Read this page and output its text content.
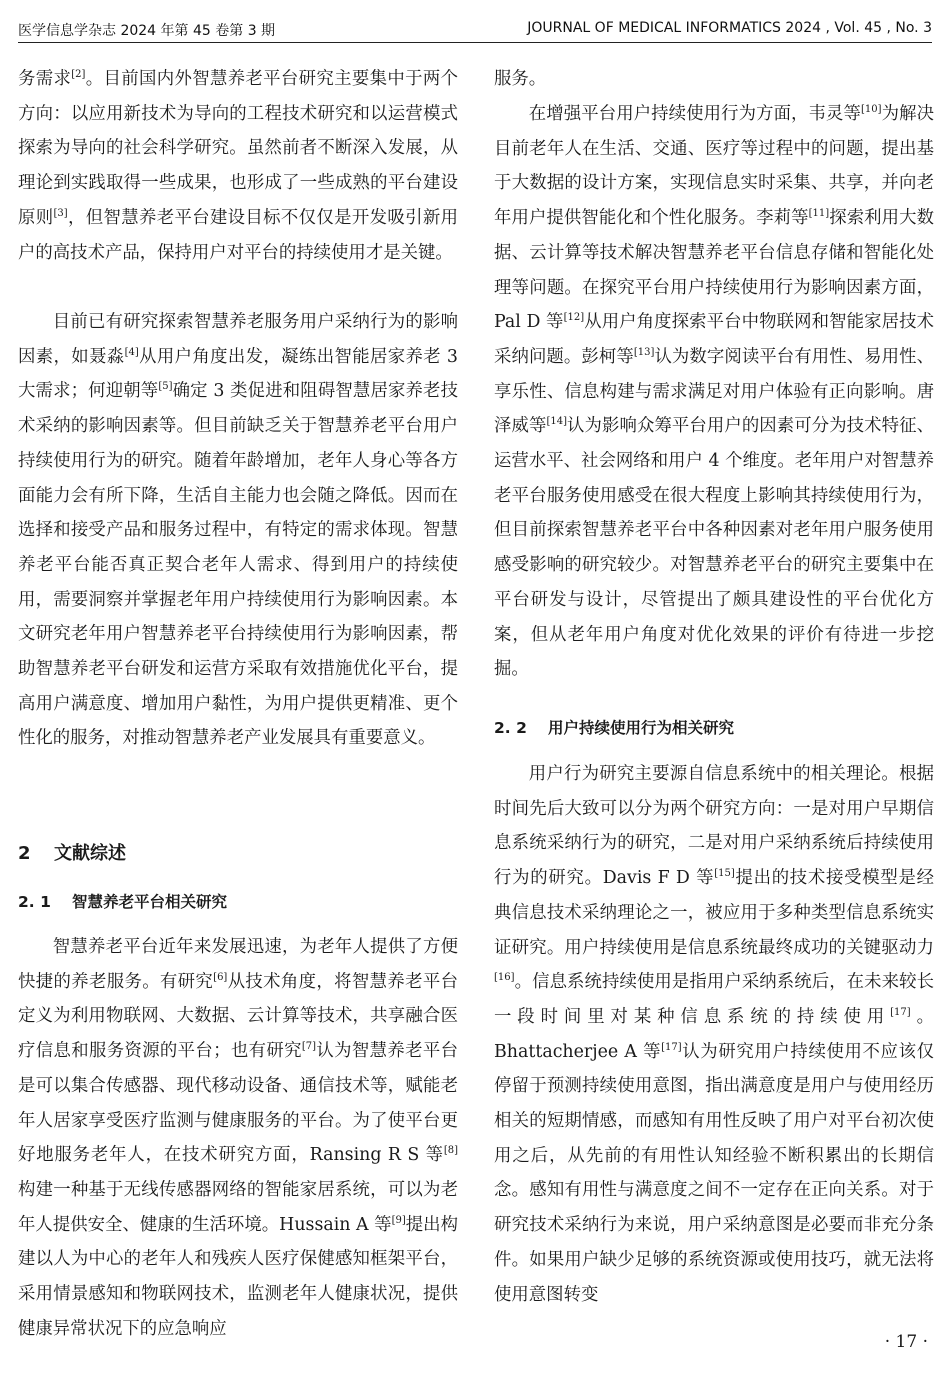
医学信息学杂志 2024 年第 45 卷第 3 期	JOURNAL OF MEDICAL INFORMATICS 2024 , Vol. 45 , No. 3

务需求[2]。目前国内外智慧养老平台研究主要集中于两个方向：以应用新技术为导向的工程技术研究和以运营模式探索为导向的社会科学研究。虽然前者不断深入发展，从理论到实践取得一些成果，也形成了一些成熟的平台建设原则[3]，但智慧养老平台建设目标不仅仅是开发吸引新用户的高技术产品，保持用户对平台的持续使用才是关键。

目前已有研究探索智慧养老服务用户采纳行为的影响因素，如聂淼[4]从用户角度出发，凝练出智能居家养老 3 大需求；何迎朝等[5]确定 3 类促进和阻碍智慧居家养老技术采纳的影响因素等。但目前缺乏关于智慧养老平台用户持续使用行为的研究。随着年龄增加，老年人身心等各方面能力会有所下降，生活自主能力也会随之降低。因而在选择和接受产品和服务过程中，有特定的需求体现。智慧养老平台能否真正契合老年人需求、得到用户的持续使用，需要洞察并掌握老年用户持续使用行为影响因素。本文研究老年用户智慧养老平台持续使用行为影响因素，帮助智慧养老平台研发和运营方采取有效措施优化平台，提高用户满意度、增加用户黏性，为用户提供更精准、更个性化的服务，对推动智慧养老产业发展具有重要意义。

2 文献综述
2. 1 智慧养老平台相关研究

智慧养老平台近年来发展迅速，为老年人提供了方便快捷的养老服务。有研究[6]从技术角度，将智慧养老平台定义为利用物联网、大数据、云计算等技术，共享融合医疗信息和服务资源的平台；也有研究[7]认为智慧养老平台是可以集合传感器、现代移动设备、通信技术等，赋能老年人居家享受医疗监测与健康服务的平台。为了使平台更好地服务老年人，在技术研究方面，Ransing R S 等[8]构建一种基于无线传感器网络的智能家居系统，可以为老年人提供安全、健康的生活环境。Hussain A 等[9]提出构建以人为中心的老年人和残疾人医疗保健感知框架平台，采用情景感知和物联网技术，监测老年人健康状况，提供健康异常状况下的应急响应

服务。

在增强平台用户持续使用行为方面，韦灵等[10]为解决目前老年人在生活、交通、医疗等过程中的问题，提出基于大数据的设计方案，实现信息实时采集、共享，并向老年用户提供智能化和个性化服务。李莉等[11]探索利用大数据、云计算等技术解决智慧养老平台信息存储和智能化处理等问题。在探究平台用户持续使用行为影响因素方面，Pal D 等[12]从用户角度探索平台中物联网和智能家居技术采纳问题。彭柯等[13]认为数字阅读平台有用性、易用性、享乐性、信息构建与需求满足对用户体验有正向影响。唐泽威等[14]认为影响众筹平台用户的因素可分为技术特征、运营水平、社会网络和用户 4 个维度。老年用户对智慧养老平台服务使用感受在很大程度上影响其持续使用行为，但目前探索智慧养老平台中各种因素对老年用户服务使用感受影响的研究较少。对智慧养老平台的研究主要集中在平台研发与设计，尽管提出了颇具建设性的平台优化方案，但从老年用户角度对优化效果的评价有待进一步挖掘。

2. 2 用户持续使用行为相关研究

用户行为研究主要源自信息系统中的相关理论。根据时间先后大致可以分为两个研究方向：一是对用户早期信息系统采纳行为的研究，二是对用户采纳系统后持续使用行为的研究。Davis F D 等[15]提出的技术接受模型是经典信息技术采纳理论之一，被应用于多种类型信息系统实证研究。用户持续使用是信息系统最终成功的关键驱动力[16]。信息系统持续使用是指用户采纳系统后，在未来较长一段时间里对某种信息系统的持续使用[17]。Bhattacherjee A 等[17]认为研究用户持续使用不应该仅停留于预测持续使用意图，指出满意度是用户与使用经历相关的短期情感，而感知有用性反映了用户对平台初次使用之后，从先前的有用性认知经验不断积累出的长期信念。感知有用性与满意度之间不一定存在正向关系。对于研究技术采纳行为来说，用户采纳意图是必要而非充分条件。如果用户缺少足够的系统资源或使用技巧，就无法将使用意图转变

· 17 ·
